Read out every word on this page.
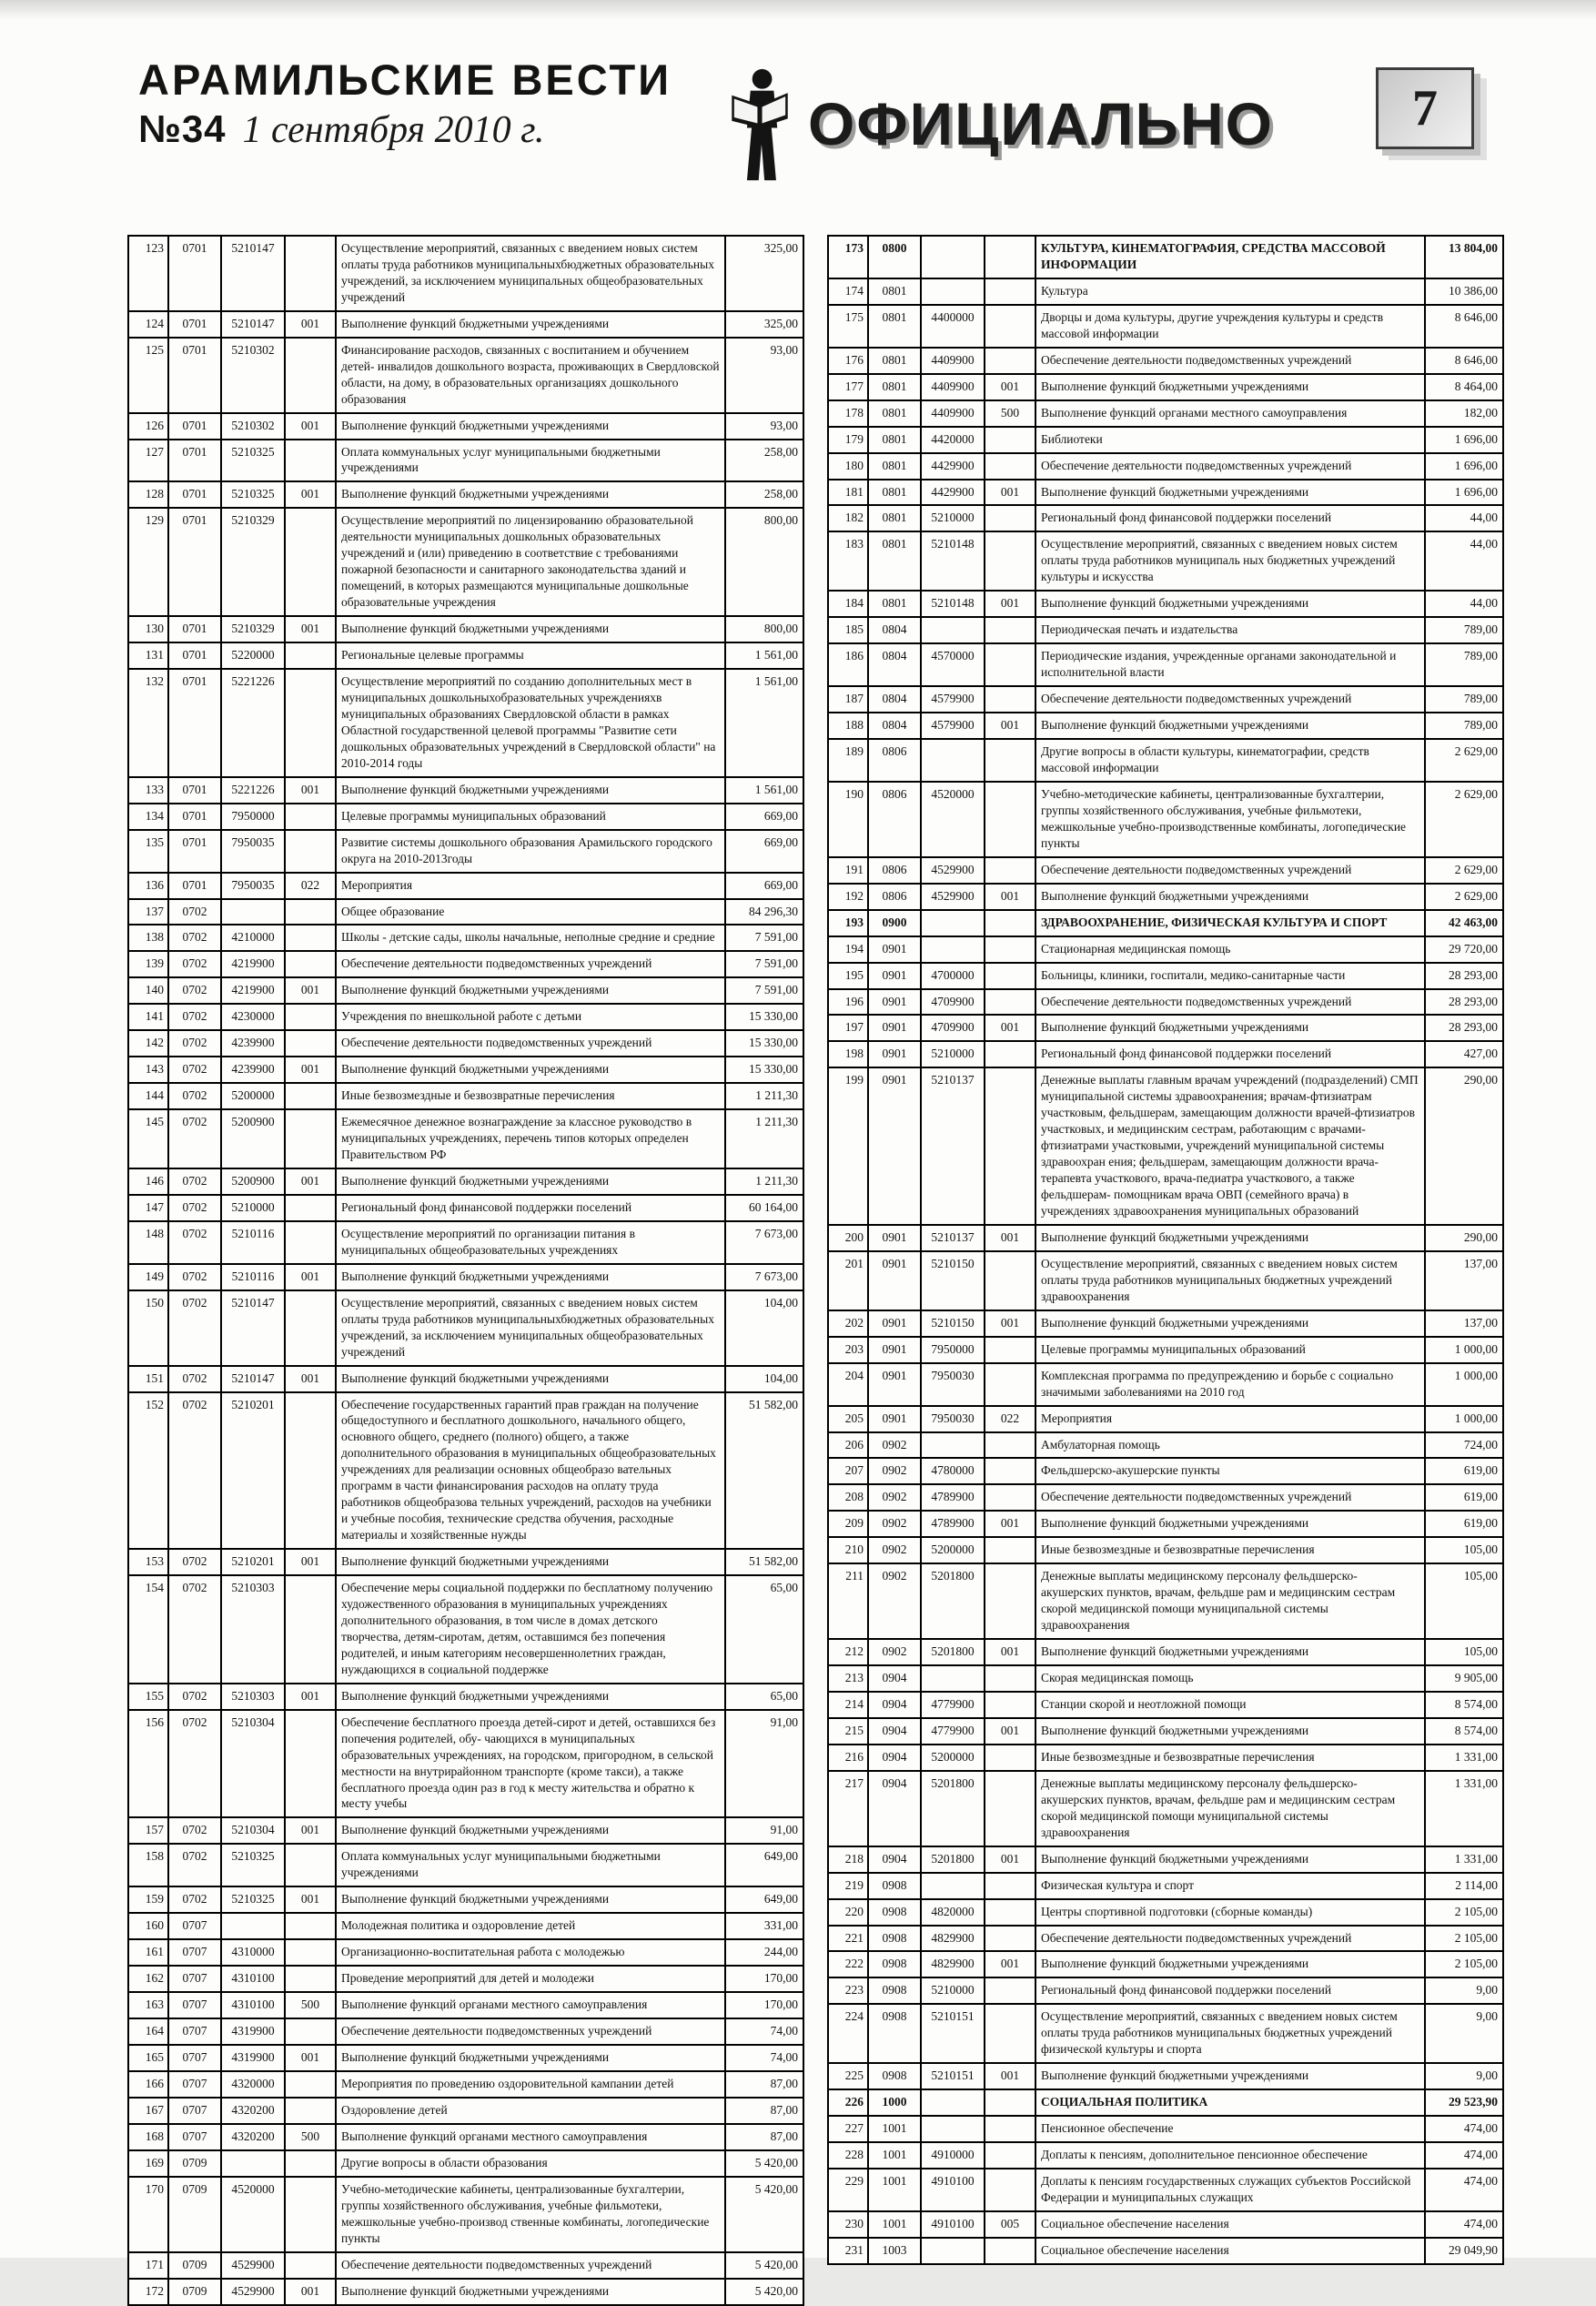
АРАМИЛЬСКИЕ ВЕСТИ
№34 1 сентября 2010 г.	ОФИЦИАЛЬНО	7
123	0701	5210147		Осуществление мероприятий, связанных с введением новых систем оплаты труда работников муниципальныхбюджетных образовательных учреждений, за исключением муниципальных общеобразовательных учреждений	325,00
124	0701	5210147	001	Выполнение функций бюджетными учреждениями	325,00
125	0701	5210302		Финансирование расходов, связанных с воспитанием и обучением детей- инвалидов дошкольного возраста, проживающих в Свердловской области, на дому, в образовательных организациях дошкольного образования	93,00
126	0701	5210302	001	Выполнение функций бюджетными учреждениями	93,00
127	0701	5210325		Оплата коммунальных услуг муниципальными бюджетными учреждениями	258,00
128	0701	5210325	001	Выполнение функций бюджетными учреждениями	258,00
129	0701	5210329		Осуществление мероприятий по лицензированию образовательной деятельности муниципальных дошкольных образовательных учреждений и (или) приведению в соответствие с требованиями пожарной безопасности и санитарного законодательства зданий и помещений, в которых размещаются муниципальные дошкольные образовательные учреждения	800,00
130	0701	5210329	001	Выполнение функций бюджетными учреждениями	800,00
131	0701	5220000		Региональные целевые программы	1 561,00
132	0701	5221226		Осуществление мероприятий по созданию дополнительных мест в муниципальных дошкольныхобразовательных учрежденияхв муниципальных образованиях Свердловской области в рамках Областной государственной целевой программы "Развитие сети дошкольных образовательных учреждений в Свердловской области" на 2010-2014 годы	1 561,00
133	0701	5221226	001	Выполнение функций бюджетными учреждениями	1 561,00
134	0701	7950000		Целевые программы муниципальных образований	669,00
135	0701	7950035		Развитие системы дошкольного образования Арамильского городского округа на 2010-2013годы	669,00
136	0701	7950035	022	Мероприятия	669,00
137	0702			Общее образование	84 296,30
138	0702	4210000		Школы - детские сады, школы начальные, неполные средние и средние	7 591,00
139	0702	4219900		Обеспечение деятельности подведомственных учреждений	7 591,00
140	0702	4219900	001	Выполнение функций бюджетными учреждениями	7 591,00
141	0702	4230000		Учреждения по внешкольной работе с детьми	15 330,00
142	0702	4239900		Обеспечение деятельности подведомственных учреждений	15 330,00
143	0702	4239900	001	Выполнение функций бюджетными учреждениями	15 330,00
144	0702	5200000		Иные безвозмездные и безвозвратные перечисления	1 211,30
145	0702	5200900		Ежемесячное денежное вознаграждение за классное руководство в муниципальных учреждениях, перечень типов которых определен Правительством РФ	1 211,30
146	0702	5200900	001	Выполнение функций бюджетными учреждениями	1 211,30
147	0702	5210000		Региональный фонд финансовой поддержки поселений	60 164,00
148	0702	5210116		Осуществление мероприятий по организации питания в муниципальных общеобразовательных учреждениях	7 673,00
149	0702	5210116	001	Выполнение функций бюджетными учреждениями	7 673,00
150	0702	5210147		Осуществление мероприятий, связанных с введением новых систем оплаты труда работников муниципальныхбюджетных образовательных учреждений, за исключением муниципальных общеобразовательных учреждений	104,00
151	0702	5210147	001	Выполнение функций бюджетными учреждениями	104,00
152	0702	5210201		Обеспечение государственных гарантий прав граждан на получение общедоступного и бесплатного дошкольного, начального общего, основного общего, среднего (полного) общего, а также дополнительного образования в муниципальных общеобразовательных учреждениях для реализации основных общеобразо вательных программ в части финансирования расходов на оплату труда работников общеобразова тельных учреждений, расходов на учебники и учебные пособия, технические средства обучения, расходные материалы и хозяйственные нужды	51 582,00
153	0702	5210201	001	Выполнение функций бюджетными учреждениями	51 582,00
154	0702	5210303		Обеспечение меры социальной поддержки по бесплатному получению художественного образования в муниципальных учреждениях дополнительного образования, в том числе в домах детского творчества, детям-сиротам, детям, оставшимся без попечения родителей, и иным категориям несовершеннолетних граждан, нуждающихся в социальной поддержке	65,00
155	0702	5210303	001	Выполнение функций бюджетными учреждениями	65,00
156	0702	5210304		Обеспечение бесплатного проезда детей-сирот и детей, оставшихся без попечения родителей, обу- чающихся в муниципальных образовательных учреждениях, на городском, пригородном, в сельской местности на внутрирайонном транспорте (кроме такси), а также бесплатного проезда один раз в год к месту жительства и обратно к месту учебы	91,00
157	0702	5210304	001	Выполнение функций бюджетными учреждениями	91,00
158	0702	5210325		Оплата коммунальных услуг муниципальными бюджетными учреждениями	649,00
159	0702	5210325	001	Выполнение функций бюджетными учреждениями	649,00
160	0707			Молодежная политика и оздоровление детей	331,00
161	0707	4310000		Организационно-воспитательная работа с молодежью	244,00
162	0707	4310100		Проведение мероприятий для детей и молодежи	170,00
163	0707	4310100	500	Выполнение функций органами местного самоуправления	170,00
164	0707	4319900		Обеспечение деятельности подведомственных учреждений	74,00
165	0707	4319900	001	Выполнение функций бюджетными учреждениями	74,00
166	0707	4320000		Мероприятия по проведению оздоровительной кампании детей	87,00
167	0707	4320200		Оздоровление детей	87,00
168	0707	4320200	500	Выполнение функций органами местного самоуправления	87,00
169	0709			Другие вопросы в области образования	5 420,00
170	0709	4520000		Учебно-методические кабинеты, централизованные бухгалтерии, группы хозяйственного обслуживания, учебные фильмотеки, межшкольные учебно-производ ственные комбинаты, логопедические пункты	5 420,00
171	0709	4529900		Обеспечение деятельности подведомственных учреждений	5 420,00
172	0709	4529900	001	Выполнение функций бюджетными учреждениями	5 420,00
173	0800			КУЛЬТУРА, КИНЕМАТОГРАФИЯ, СРЕДСТВА МАССОВОЙ ИНФОРМАЦИИ	13 804,00
174	0801			Культура	10 386,00
175	0801	4400000		Дворцы и дома культуры, другие учреждения культуры и средств массовой информации	8 646,00
176	0801	4409900		Обеспечение деятельности подведомственных учреждений	8 646,00
177	0801	4409900	001	Выполнение функций бюджетными учреждениями	8 464,00
178	0801	4409900	500	Выполнение функций органами местного самоуправления	182,00
179	0801	4420000		Библиотеки	1 696,00
180	0801	4429900		Обеспечение деятельности подведомственных учреждений	1 696,00
181	0801	4429900	001	Выполнение функций бюджетными учреждениями	1 696,00
182	0801	5210000		Региональный фонд финансовой поддержки поселений	44,00
183	0801	5210148		Осуществление мероприятий, связанных с введением новых систем оплаты труда работников муниципаль ных бюджетных учреждений культуры и искусства	44,00
184	0801	5210148	001	Выполнение функций бюджетными учреждениями	44,00
185	0804			Периодическая печать и издательства	789,00
186	0804	4570000		Периодические издания, учрежденные органами законодательной и исполнительной власти	789,00
187	0804	4579900		Обеспечение деятельности подведомственных учреждений	789,00
188	0804	4579900	001	Выполнение функций бюджетными учреждениями	789,00
189	0806			Другие вопросы в области культуры, кинематографии, средств массовой информации	2 629,00
190	0806	4520000		Учебно-методические кабинеты, централизованные бухгалтерии, группы хозяйственного обслуживания, учебные фильмотеки, межшкольные учебно-производственные комбинаты, логопедические пункты	2 629,00
191	0806	4529900		Обеспечение деятельности подведомственных учреждений	2 629,00
192	0806	4529900	001	Выполнение функций бюджетными учреждениями	2 629,00
193	0900			ЗДРАВООХРАНЕНИЕ, ФИЗИЧЕСКАЯ КУЛЬТУРА И СПОРТ	42 463,00
194	0901			Стационарная медицинская помощь	29 720,00
195	0901	4700000		Больницы, клиники, госпитали, медико-санитарные части	28 293,00
196	0901	4709900		Обеспечение деятельности подведомственных учреждений	28 293,00
197	0901	4709900	001	Выполнение функций бюджетными учреждениями	28 293,00
198	0901	5210000		Региональный фонд финансовой поддержки поселений	427,00
199	0901	5210137		Денежные выплаты главным врачам учреждений (подразделений) СМП муниципальной системы здравоохранения; врачам-фтизиатрам участковым, фельдшерам, замещающим должности врачей-фтизиатров участковых, и медицинским сестрам, работающим с врачами-фтизиатрами участковыми, учреждений муниципальной системы здравоохран ения; фельдшерам, замещающим должности врача-терапевта участкового, врача-педиатра участкового, а также фельдшерам- помощникам врача ОВП (семейного врача) в учреждениях здравоохранения муниципальных образований	290,00
200	0901	5210137	001	Выполнение функций бюджетными учреждениями	290,00
201	0901	5210150		Осуществление мероприятий, связанных с введением новых систем оплаты труда работников муниципальных бюджетных учреждений здравоохранения	137,00
202	0901	5210150	001	Выполнение функций бюджетными учреждениями	137,00
203	0901	7950000		Целевые программы муниципальных образований	1 000,00
204	0901	7950030		Комплексная программа по предупреждению и борьбе с социально значимыми заболеваниями на 2010 год	1 000,00
205	0901	7950030	022	Мероприятия	1 000,00
206	0902			Амбулаторная помощь	724,00
207	0902	4780000		Фельдшерско-акушерские пункты	619,00
208	0902	4789900		Обеспечение деятельности подведомственных учреждений	619,00
209	0902	4789900	001	Выполнение функций бюджетными учреждениями	619,00
210	0902	5200000		Иные безвозмездные и безвозвратные перечисления	105,00
211	0902	5201800		Денежные выплаты медицинскому персоналу фельдшерско-акушерских пунктов, врачам, фельдше рам и медицинским сестрам скорой медицинской помощи муниципальной системы здравоохранения	105,00
212	0902	5201800	001	Выполнение функций бюджетными учреждениями	105,00
213	0904			Скорая медицинская помощь	9 905,00
214	0904	4779900		Станции скорой и неотложной помощи	8 574,00
215	0904	4779900	001	Выполнение функций бюджетными учреждениями	8 574,00
216	0904	5200000		Иные безвозмездные и безвозвратные перечисления	1 331,00
217	0904	5201800		Денежные выплаты медицинскому персоналу фельдшерско-акушерских пунктов, врачам, фельдше рам и медицинским сестрам скорой медицинской помощи муниципальной системы здравоохранения	1 331,00
218	0904	5201800	001	Выполнение функций бюджетными учреждениями	1 331,00
219	0908			Физическая культура и спорт	2 114,00
220	0908	4820000		Центры спортивной подготовки (сборные команды)	2 105,00
221	0908	4829900		Обеспечение деятельности подведомственных учреждений	2 105,00
222	0908	4829900	001	Выполнение функций бюджетными учреждениями	2 105,00
223	0908	5210000		Региональный фонд финансовой поддержки поселений	9,00
224	0908	5210151		Осуществление мероприятий, связанных с введением новых систем оплаты труда работников муниципальных бюджетных учреждений физической культуры и спорта	9,00
225	0908	5210151	001	Выполнение функций бюджетными учреждениями	9,00
226	1000			СОЦИАЛЬНАЯ ПОЛИТИКА	29 523,90
227	1001			Пенсионное обеспечение	474,00
228	1001	4910000		Доплаты к пенсиям, дополнительное пенсионное обеспечение	474,00
229	1001	4910100		Доплаты к пенсиям государственных служащих субъектов Российской Федерации и муниципальных служащих	474,00
230	1001	4910100	005	Социальное обеспечение населения	474,00
231	1003			Социальное обеспечение населения	29 049,90
